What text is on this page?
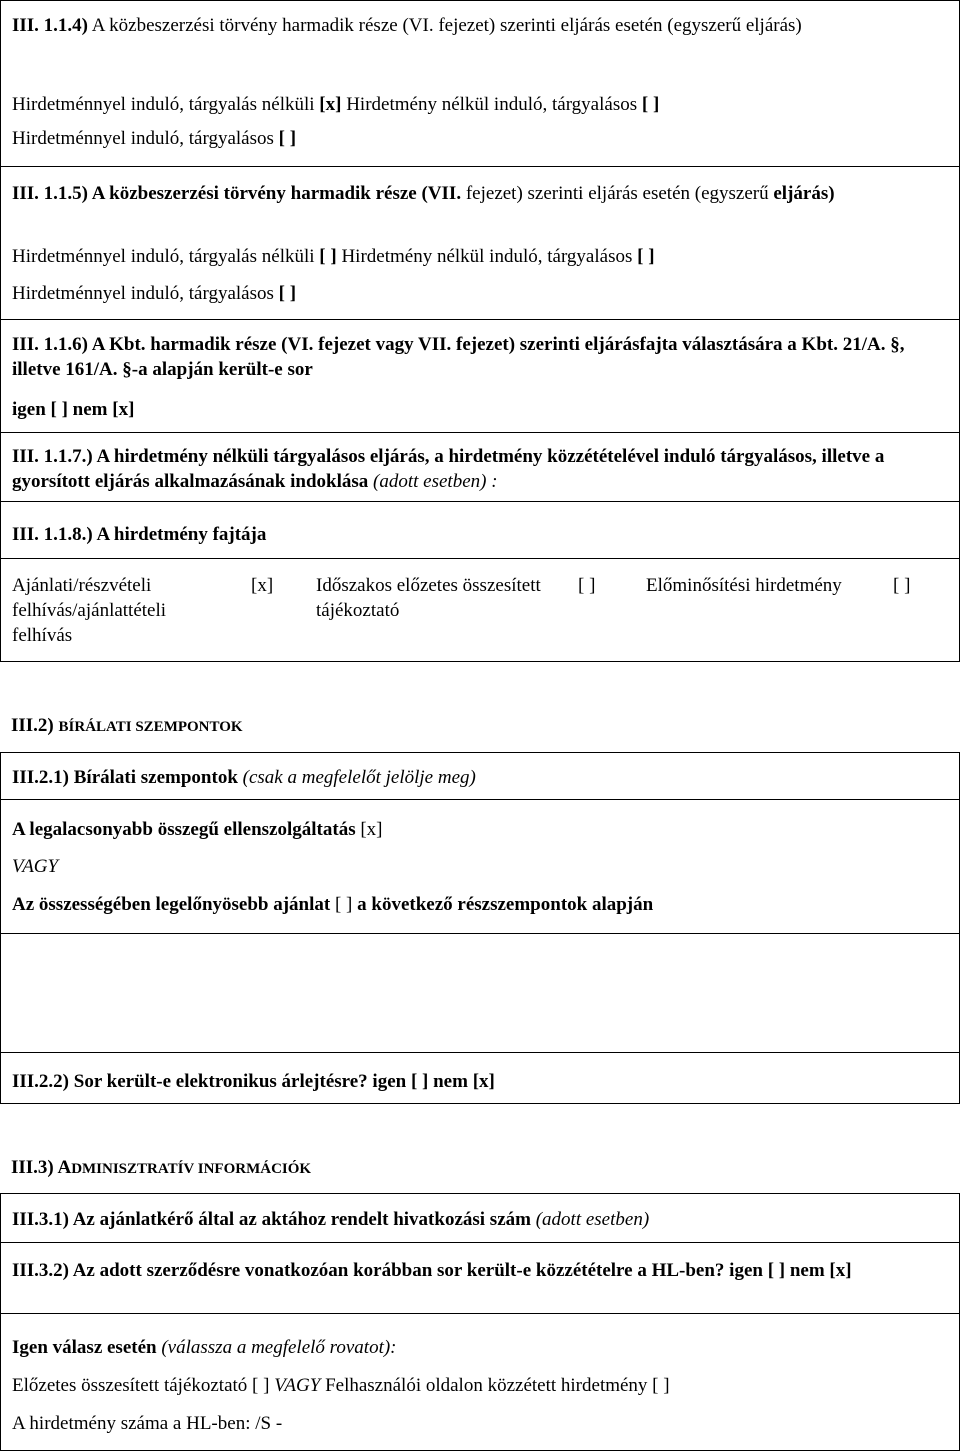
III. 1.1.4) A közbeszerzési törvény harmadik része (VI. fejezet) szerinti eljárás esetén (egyszerű eljárás)

Hirdetménnyel induló, tárgyalás nélküli [x] Hirdetmény nélkül induló, tárgyalásos [ ]

Hirdetménnyel induló, tárgyalásos [ ]

III. 1.1.5) A közbeszerzési törvény harmadik része (VII. fejezet) szerinti eljárás esetén (egyszerű eljárás)

Hirdetménnyel induló, tárgyalás nélküli [ ] Hirdetmény nélkül induló, tárgyalásos [ ]

Hirdetménnyel induló, tárgyalásos [ ]

III. 1.1.6) A Kbt. harmadik része (VI. fejezet vagy VII. fejezet) szerinti eljárásfajta választására a Kbt. 21/A. §, illetve 161/A. §-a alapján került-e sor

igen [ ] nem [x]

III. 1.1.7.) A hirdetmény nélküli tárgyalásos eljárás, a hirdetmény közzétételével induló tárgyalásos, illetve a gyorsított eljárás alkalmazásának indoklása (adott esetben) :

III. 1.1.8.) A hirdetmény fajtája

Ajánlati/részvételi felhívás/ajánlattételi felhívás
[x] Időszakos előzetes összesített tájékoztató
[ ]	Előminősítési hirdetmény	[ ]

III.2) BÍRÁLATI SZEMPONTOK

III.2.1) Bírálati szempontok (csak a megfelelőt jelölje meg)

A legalacsonyabb összegű ellenszolgáltatás [x]

VAGY

Az összességében legelőnyösebb ajánlat [ ] a következő részszempontok alapján

III.2.2) Sor került-e elektronikus árlejtésre? igen [ ] nem [x]

III.3) ADMINISZTRATÍV INFORMÁCIÓK

III.3.1) Az ajánlatkérő által az aktához rendelt hivatkozási szám (adott esetben)

III.3.2) Az adott szerződésre vonatkozóan korábban sor került-e közzétételre a HL-ben? igen [ ] nem [x]

Igen válasz esetén (válassza a megfelelő rovatot):

Előzetes összesített tájékoztató [ ] VAGY Felhasználói oldalon közzétett hirdetmény [ ]

A hirdetmény száma a HL-ben: /S -
